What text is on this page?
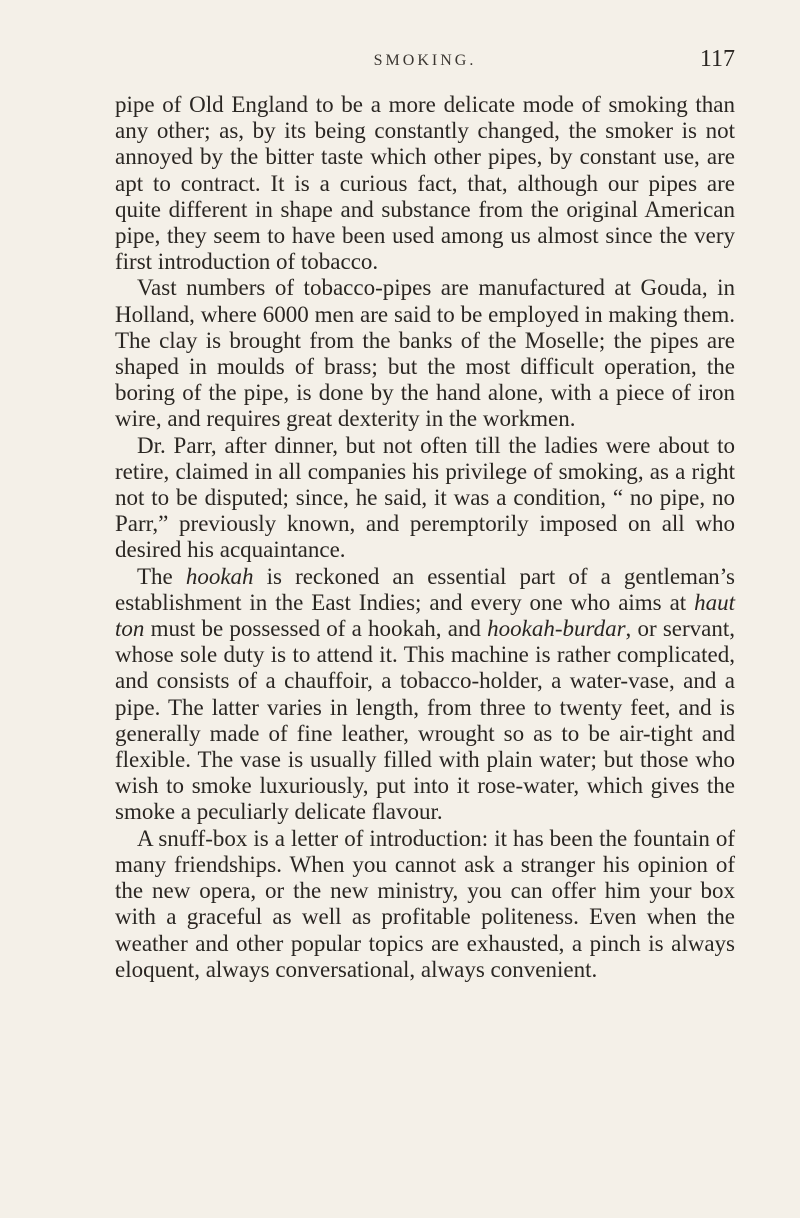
SMOKING.	117

pipe of Old England to be a more delicate mode of smoking than any other; as, by its being constantly changed, the smoker is not annoyed by the bitter taste which other pipes, by constant use, are apt to contract. It is a curious fact, that, although our pipes are quite different in shape and substance from the original American pipe, they seem to have been used among us almost since the very first introduction of tobacco.

Vast numbers of tobacco-pipes are manufactured at Gouda, in Holland, where 6000 men are said to be employed in making them. The clay is brought from the banks of the Moselle; the pipes are shaped in moulds of brass; but the most difficult operation, the boring of the pipe, is done by the hand alone, with a piece of iron wire, and requires great dexterity in the workmen.

Dr. Parr, after dinner, but not often till the ladies were about to retire, claimed in all companies his privilege of smoking, as a right not to be disputed; since, he said, it was a condition, “ no pipe, no Parr,” previously known, and peremptorily imposed on all who desired his acquaintance.

The hookah is reckoned an essential part of a gentleman’s establishment in the East Indies; and every one who aims at haut ton must be possessed of a hookah, and hookah-burdar, or servant, whose sole duty is to attend it. This machine is rather complicated, and consists of a chauffoir, a tobacco-holder, a water-vase, and a pipe. The latter varies in length, from three to twenty feet, and is generally made of fine leather, wrought so as to be air-tight and flexible. The vase is usually filled with plain water; but those who wish to smoke luxuriously, put into it rose-water, which gives the smoke a peculiarly delicate flavour.

A snuff-box is a letter of introduction: it has been the fountain of many friendships. When you cannot ask a stranger his opinion of the new opera, or the new ministry, you can offer him your box with a graceful as well as profitable politeness. Even when the weather and other popular topics are exhausted, a pinch is always eloquent, always conversational, always convenient.
